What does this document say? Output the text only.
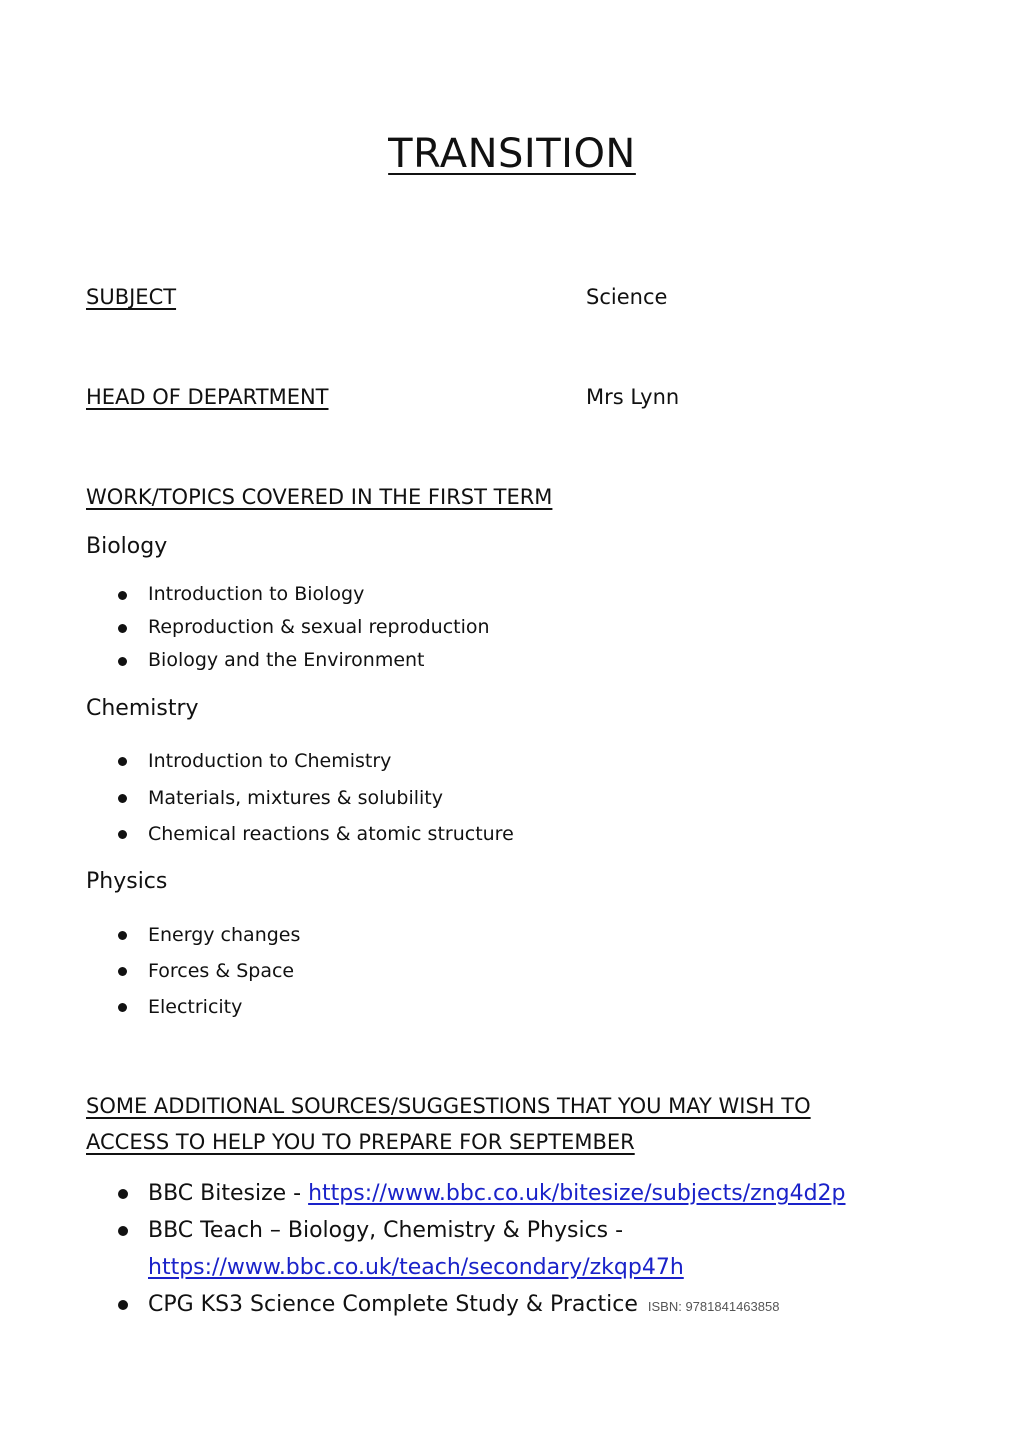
TRANSITION
SUBJECT	Science
HEAD OF DEPARTMENT	Mrs Lynn
WORK/TOPICS COVERED IN THE FIRST TERM
Biology
Introduction to Biology
Reproduction & sexual reproduction
Biology and the Environment
Chemistry
Introduction to Chemistry
Materials, mixtures & solubility
Chemical reactions & atomic structure
Physics
Energy changes
Forces & Space
Electricity
SOME ADDITIONAL SOURCES/SUGGESTIONS THAT YOU MAY WISH TO
ACCESS TO HELP YOU TO PREPARE FOR SEPTEMBER
BBC Bitesize - https://www.bbc.co.uk/bitesize/subjects/zng4d2p
BBC Teach – Biology, Chemistry & Physics -
https://www.bbc.co.uk/teach/secondary/zkqp47h
CPG KS3 Science Complete Study & Practice ISBN: 9781841463858
